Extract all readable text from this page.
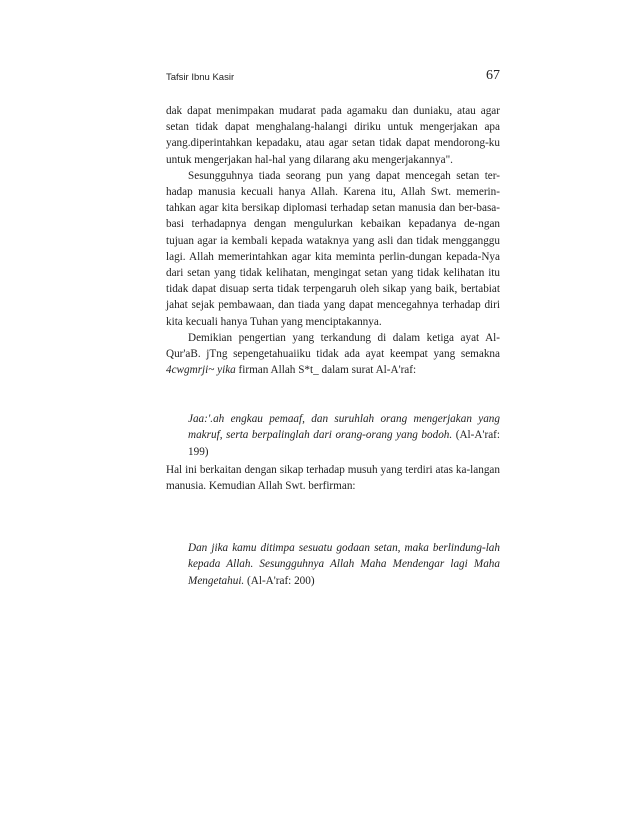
Tafsir Ibnu Kasir	67

dak dapat menimpakan mudarat pada agamaku dan duniaku, atau agar setan tidak dapat menghalang-halangi diriku untuk mengerjakan apa yang.diperintahkan kepadaku, atau agar setan tidak dapat mendorong-ku untuk mengerjakan hal-hal yang dilarang aku mengerjakannya".

Sesungguhnya tiada seorang pun yang dapat mencegah setan ter-hadap manusia kecuali hanya Allah. Karena itu, Allah Swt. memerin-tahkan agar kita bersikap diplomasi terhadap setan manusia dan ber-basa-basi terhadapnya dengan mengulurkan kebaikan kepadanya de-ngan tujuan agar ia kembali kepada wataknya yang asli dan tidak mengganggu lagi. Allah memerintahkan agar kita meminta perlin-dungan kepada-Nya dari setan yang tidak kelihatan, mengingat setan yang tidak kelihatan itu tidak dapat disuap serta tidak terpengaruh oleh sikap yang baik, bertabiat jahat sejak pembawaan, dan tiada yang dapat mencegahnya terhadap diri kita kecuali hanya Tuhan yang menciptakannya.

Demikian pengertian yang terkandung di dalam ketiga ayat Al-Qur'aB. jTng sepengetahuaiiku tidak ada ayat keempat yang semakna 4cwgmrji~ yika firman Allah S*t_ dalam surat Al-A'raf:

Jaa:'.ah engkau pemaaf, dan suruhlah orang mengerjakan yang makruf, serta berpalinglah dari orang-orang yang bodoh. (Al-A'raf: 199)

Hal ini berkaitan dengan sikap terhadap musuh yang terdiri atas ka-langan manusia. Kemudian Allah Swt. berfirman:

Dan jika kamu ditimpa sesuatu godaan setan, maka berlindung-lah kepada Allah. Sesungguhnya Allah Maha Mendengar lagi Maha Mengetahui. (Al-A'raf: 200)
